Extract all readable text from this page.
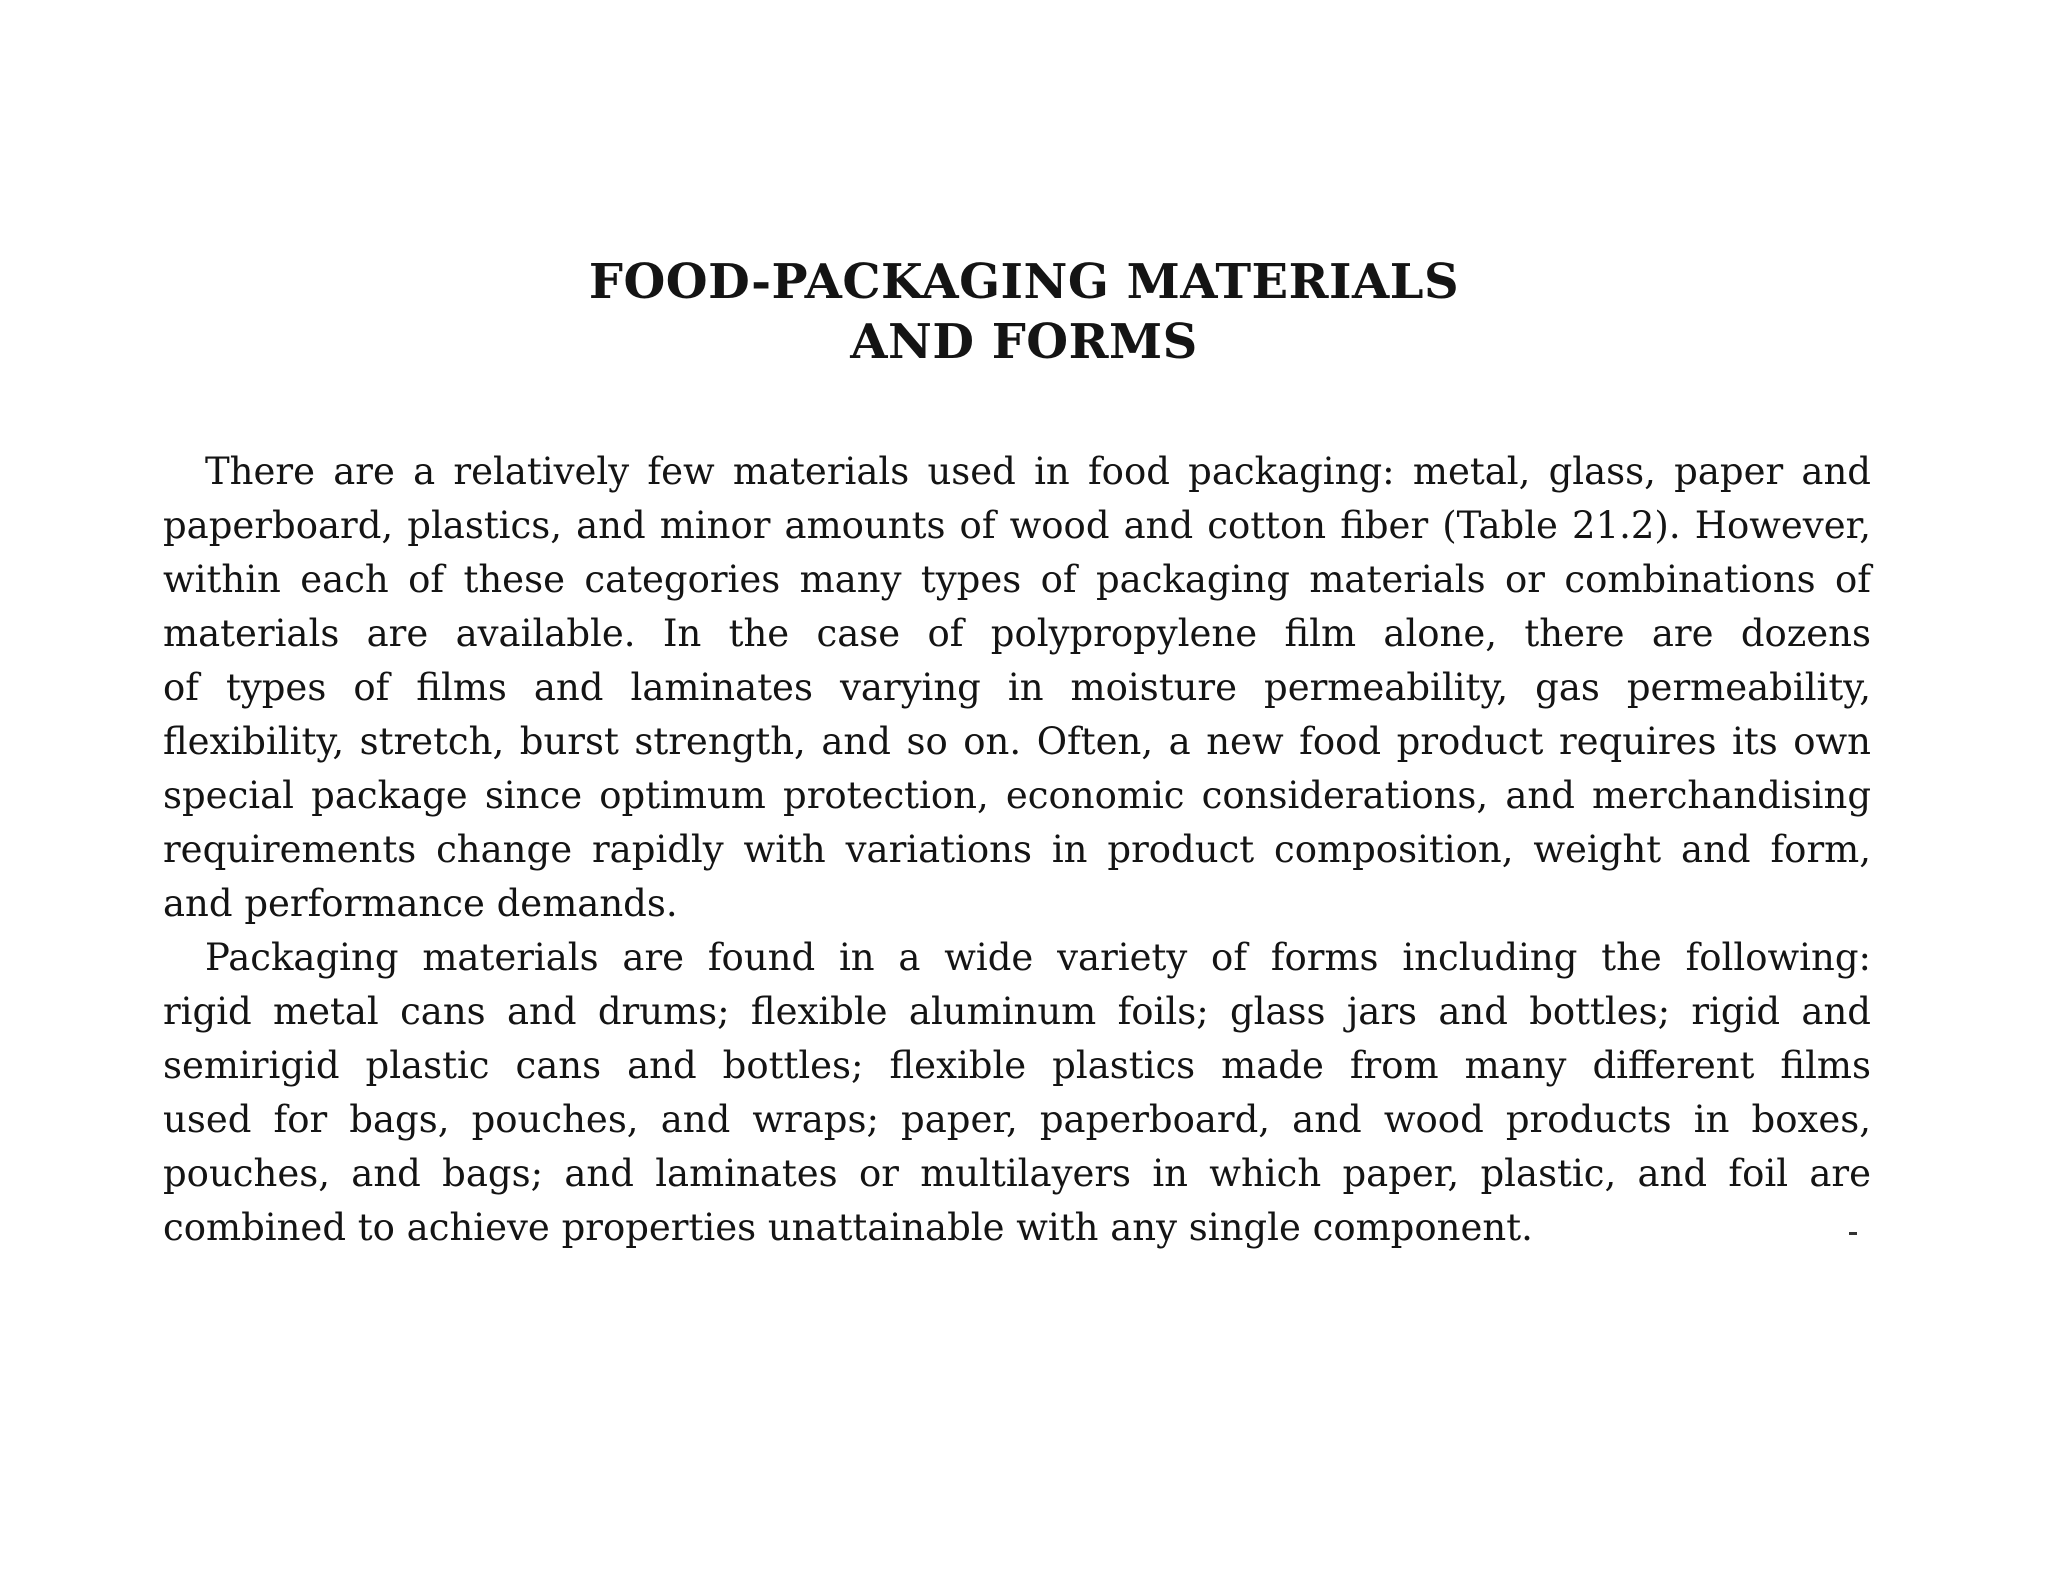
FOOD-PACKAGING MATERIALS
AND FORMS
There are a relatively few materials used in food packaging: metal, glass, paper and
paperboard, plastics, and minor amounts of wood and cotton fiber (Table 21.2). However,
within each of these categories many types of packaging materials or combinations of
materials are available. In the case of polypropylene film alone, there are dozens
of types of films and laminates varying in moisture permeability, gas permeability,
flexibility, stretch, burst strength, and so on. Often, a new food product requires its own
special package since optimum protection, economic considerations, and merchandising
requirements change rapidly with variations in product composition, weight and form,
and performance demands.
Packaging materials are found in a wide variety of forms including the following:
rigid metal cans and drums; flexible aluminum foils; glass jars and bottles; rigid and
semirigid plastic cans and bottles; flexible plastics made from many different films
used for bags, pouches, and wraps; paper, paperboard, and wood products in boxes,
pouches, and bags; and laminates or multilayers in which paper, plastic, and foil are
combined to achieve properties unattainable with any single component.
